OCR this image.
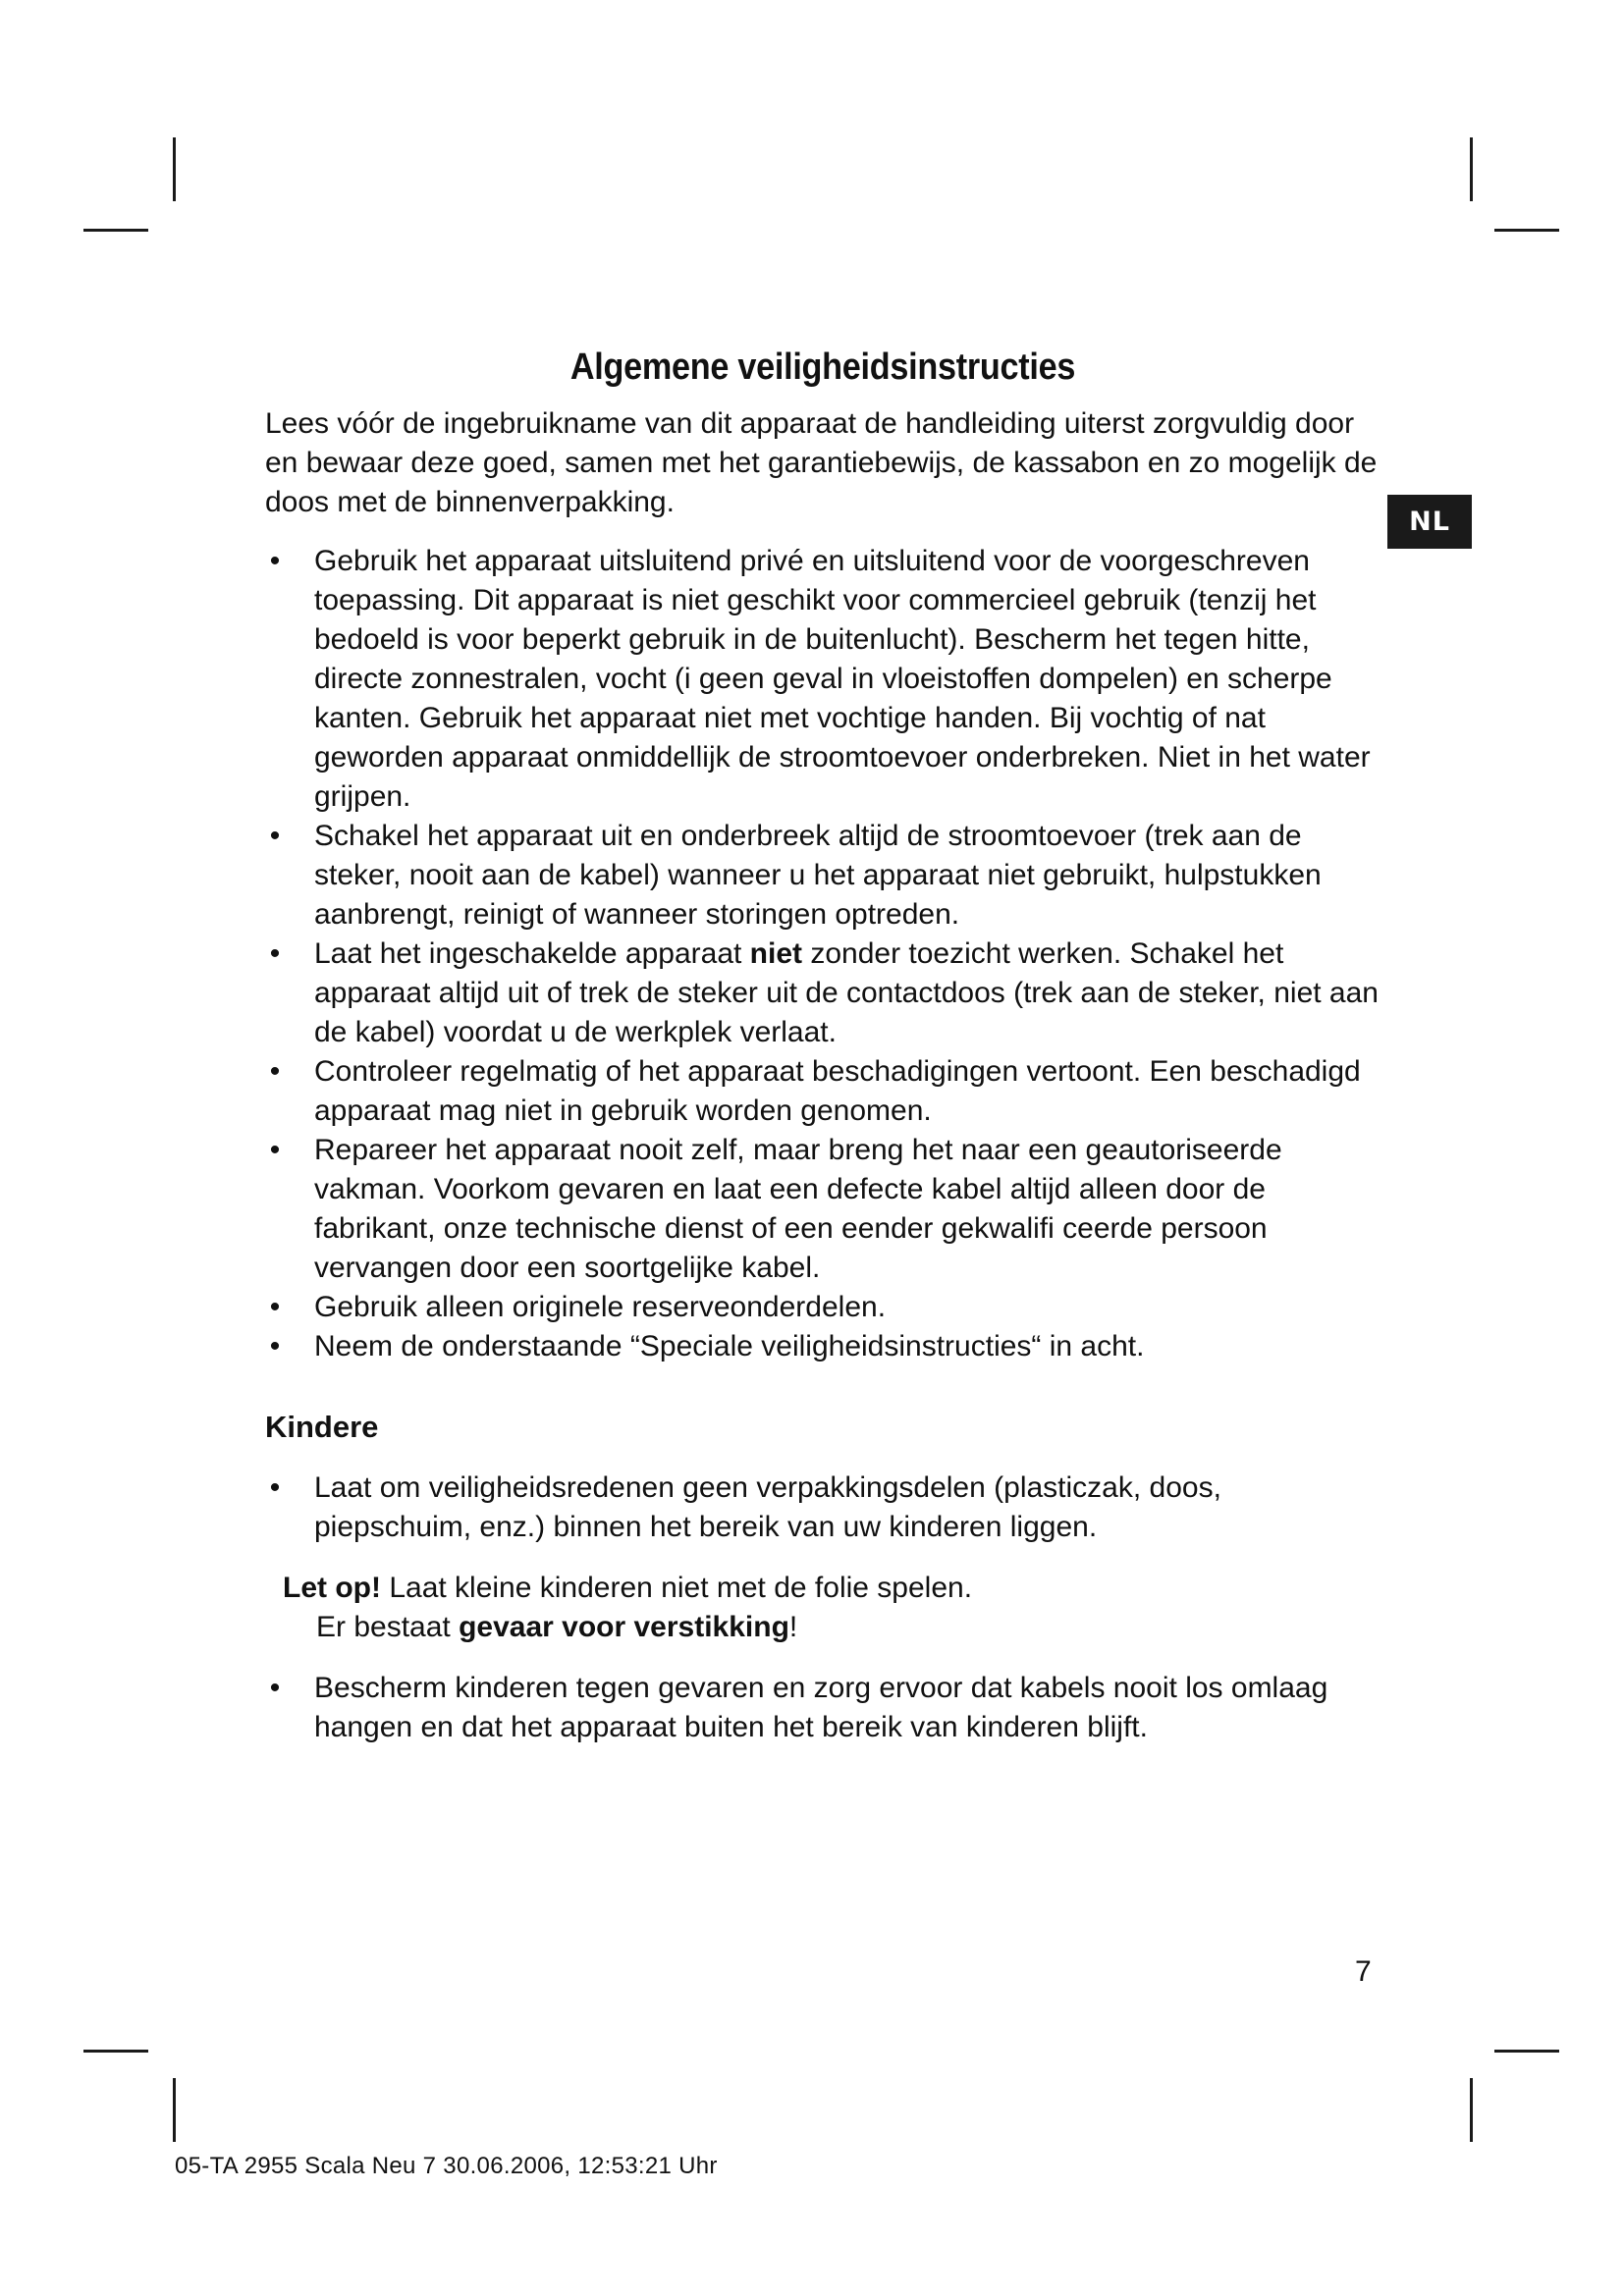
NL
Algemene veiligheidsinstructies

Lees vóór de ingebruikname van dit apparaat de handleiding uiterst zorgvuldig door en bewaar deze goed, samen met het garantiebewijs, de kassabon en zo mogelijk de doos met de binnenverpakking.

• Gebruik het apparaat uitsluitend privé en uitsluitend voor de voorgeschreven toepassing. Dit apparaat is niet geschikt voor commercieel gebruik (tenzij het bedoeld is voor beperkt gebruik in de buitenlucht). Bescherm het tegen hitte, directe zonnestralen, vocht (i geen geval in vloeistoffen dompelen) en scherpe kanten. Gebruik het apparaat niet met vochtige handen. Bij vochtig of nat geworden apparaat onmiddellijk de stroomtoevoer onderbreken. Niet in het water grijpen.
• Schakel het apparaat uit en onderbreek altijd de stroomtoevoer (trek aan de steker, nooit aan de kabel) wanneer u het apparaat niet gebruikt, hulpstukken aanbrengt, reinigt of wanneer storingen optreden.
• Laat het ingeschakelde apparaat niet zonder toezicht werken. Schakel het apparaat altijd uit of trek de steker uit de contactdoos (trek aan de steker, niet aan de kabel) voordat u de werkplek verlaat.
• Controleer regelmatig of het apparaat beschadigingen vertoont. Een beschadigd apparaat mag niet in gebruik worden genomen.
• Repareer het apparaat nooit zelf, maar breng het naar een geautoriseerde vakman. Voorkom gevaren en laat een defecte kabel altijd alleen door de fabrikant, onze technische dienst of een eender gekwalifi ceerde persoon vervangen door een soortgelijke kabel.
• Gebruik alleen originele reserveonderdelen.
• Neem de onderstaande “Speciale veiligheidsinstructies“ in acht.
Kindere
• Laat om veiligheidsredenen geen verpakkingsdelen (plasticzak, doos, piepschuim, enz.) binnen het bereik van uw kinderen liggen.
Let op! Laat kleine kinderen niet met de folie spelen.
Er bestaat gevaar voor verstikking!
• Bescherm kinderen tegen gevaren en zorg ervoor dat kabels nooit los omlaag hangen en dat het apparaat buiten het bereik van kinderen blijft.
7
05-TA 2955 Scala Neu 7 30.06.2006, 12:53:21 Uhr
